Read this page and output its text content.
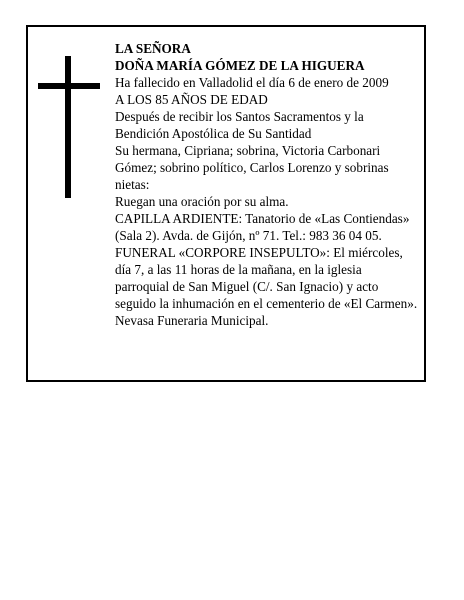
LA SEÑORA
DOÑA MARÍA GÓMEZ DE LA HIGUERA
Ha fallecido en Valladolid el día 6 de enero de 2009
A LOS 85 AÑOS DE EDAD
Después de recibir los Santos Sacramentos y la
Bendición Apostólica de Su Santidad
Su hermana, Cipriana; sobrina, Victoria Carbonari
Gómez; sobrino político, Carlos Lorenzo y sobrinas
nietas:
Ruegan una oración por su alma.
CAPILLA ARDIENTE: Tanatorio de «Las Contiendas»
(Sala 2). Avda. de Gijón, nº 71. Tel.: 983 36 04 05.
FUNERAL «CORPORE INSEPULTO»: El miércoles,
día 7, a las 11 horas de la mañana, en la iglesia
parroquial de San Miguel (C/. San Ignacio) y acto
seguido la inhumación en el cementerio de «El Carmen».
Nevasa Funeraria Municipal.
